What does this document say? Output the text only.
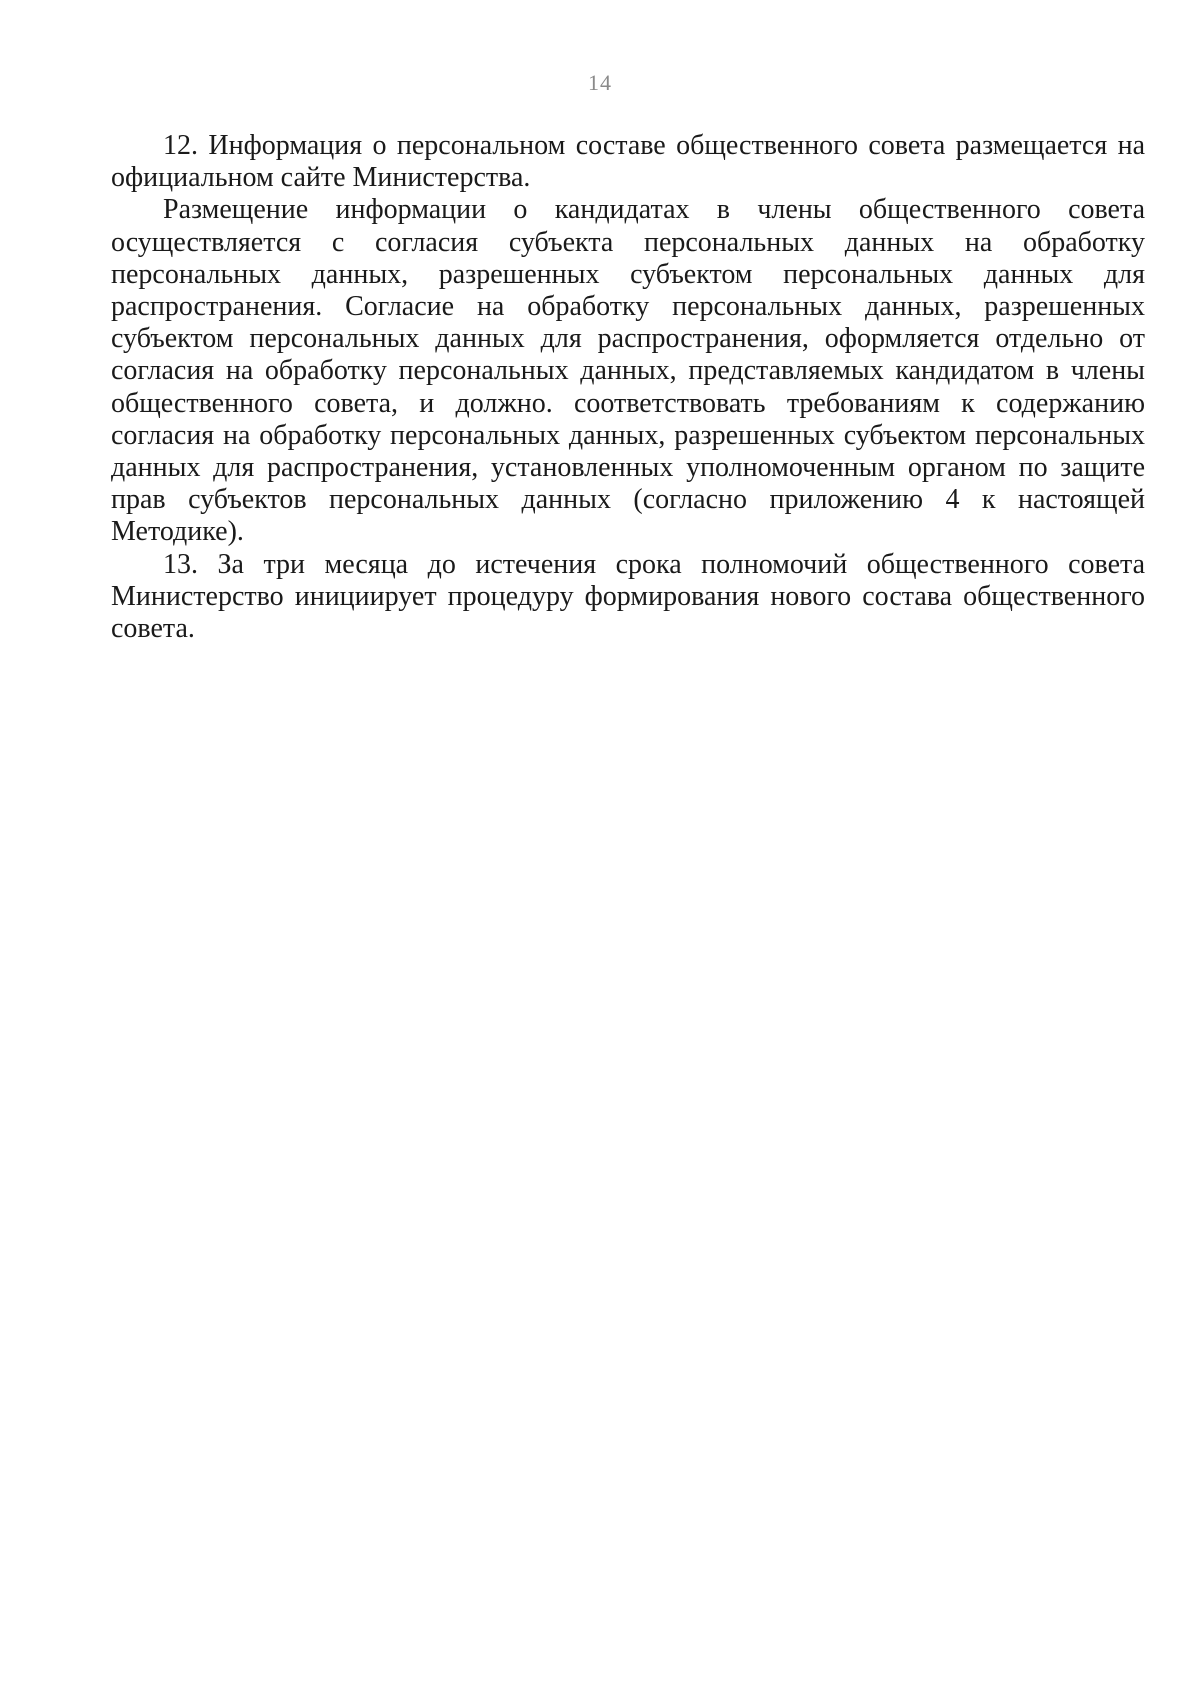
14

12. Информация о персональном составе общественного совета размещается на официальном сайте Министерства.

Размещение информации о кандидатах в члены общественного совета осуществляется с согласия субъекта персональных данных на обработку персональных данных, разрешенных субъектом персональных данных для распространения. Согласие на обработку персональных данных, разрешенных субъектом персональных данных для распространения, оформляется отдельно от согласия на обработку персональных данных, представляемых кандидатом в члены общественного совета, и должно. соответствовать требованиям к содержанию согласия на обработку персональных данных, разрешенных субъектом персональных данных для распространения, установленных уполномоченным органом по защите прав субъектов персональных данных (согласно приложению 4 к настоящей Методике).

13. За три месяца до истечения срока полномочий общественного совета Министерство инициирует процедуру формирования нового состава общественного совета.
